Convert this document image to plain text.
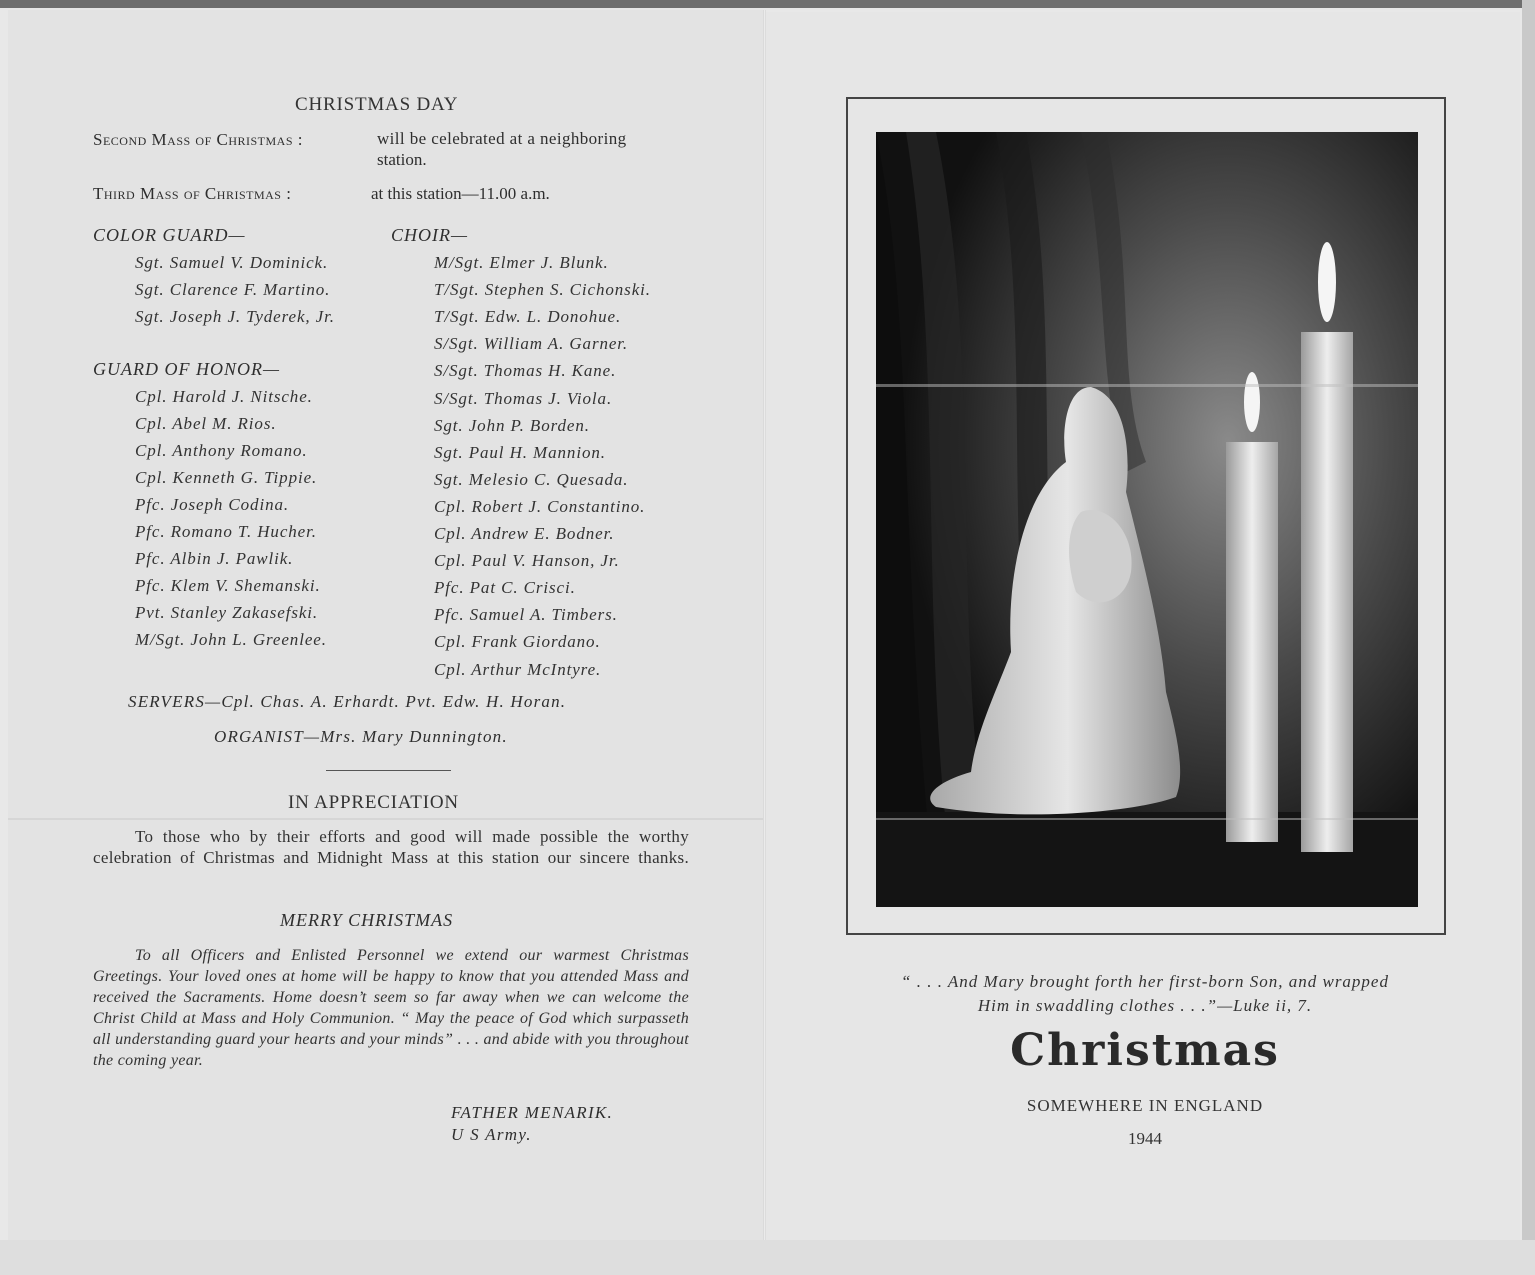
CHRISTMAS DAY
Second Mass of Christmas :	will be celebrated at a neighboring
station.
Third Mass of Christmas :	at this station—11.00 a.m.
COLOR GUARD—	CHOIR—
Sgt. Samuel V. Dominick.
Sgt. Clarence F. Martino.
Sgt. Joseph J. Tyderek, Jr.
GUARD OF HONOR—
Cpl. Harold J. Nitsche.
Cpl. Abel M. Rios.
Cpl. Anthony Romano.
Cpl. Kenneth G. Tippie.
Pfc. Joseph Codina.
Pfc. Romano T. Hucher.
Pfc. Albin J. Pawlik.
Pfc. Klem V. Shemanski.
Pvt. Stanley Zakasefski.
M/Sgt. John L. Greenlee.
M/Sgt. Elmer J. Blunk.
T/Sgt. Stephen S. Cichonski.
T/Sgt. Edw. L. Donohue.
S/Sgt. William A. Garner.
S/Sgt. Thomas H. Kane.
S/Sgt. Thomas J. Viola.
Sgt. John P. Borden.
Sgt. Paul H. Mannion.
Sgt. Melesio C. Quesada.
Cpl. Robert J. Constantino.
Cpl. Andrew E. Bodner.
Cpl. Paul V. Hanson, Jr.
Pfc. Pat C. Crisci.
Pfc. Samuel A. Timbers.
Cpl. Frank Giordano.
Cpl. Arthur McIntyre.
SERVERS—Cpl. Chas. A. Erhardt. Pvt. Edw. H. Horan.
ORGANIST—Mrs. Mary Dunnington.
IN APPRECIATION
To those who by their efforts and good will made possible the worthy celebration of Christmas and Midnight Mass at this station our sincere thanks.
MERRY CHRISTMAS
To all Officers and Enlisted Personnel we extend our warmest Christmas Greetings. Your loved ones at home will be happy to know that you attended Mass and received the Sacraments. Home doesn’t seem so far away when we can welcome the Christ Child at Mass and Holy Communion. “ May the peace of God which surpasseth all understanding guard your hearts and your minds” . . . and abide with you throughout the coming year.
FATHER MENARIK.
U S Army.
“ . . . And Mary brought forth her first-born Son, and wrapped
Him in swaddling clothes . . .”—Luke ii, 7.
Christmas
SOMEWHERE IN ENGLAND
1944
